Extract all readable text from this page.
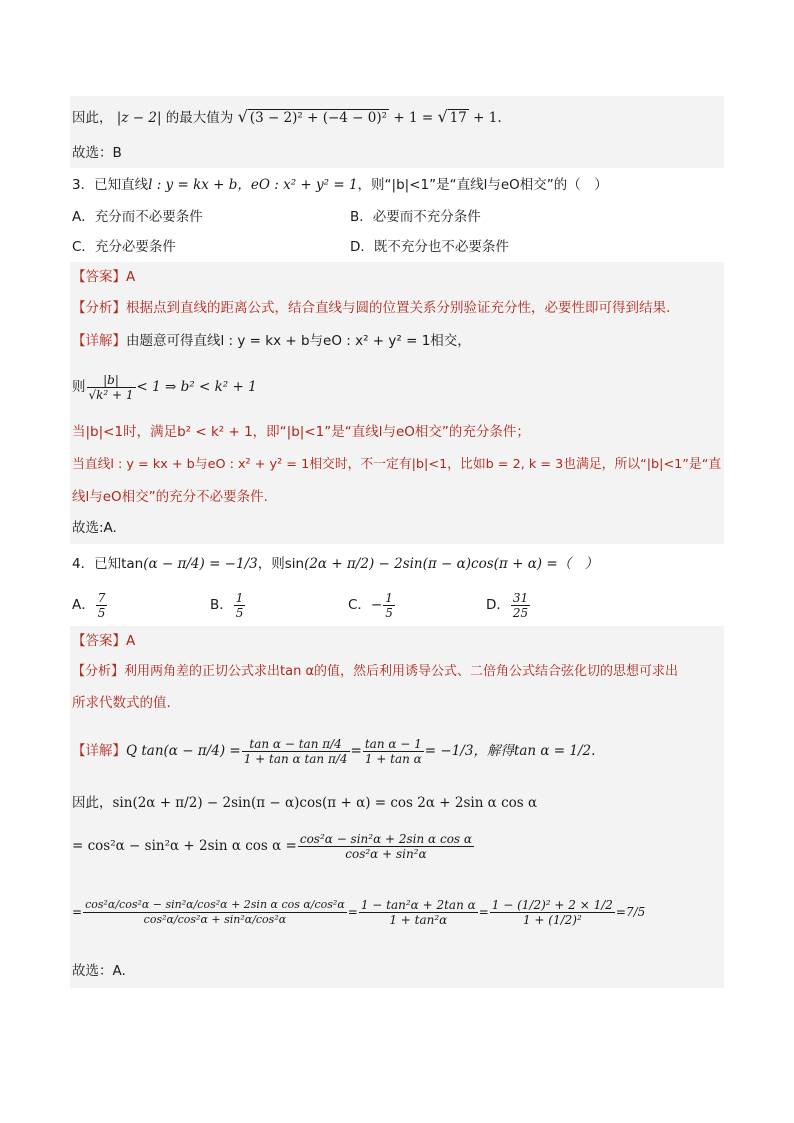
因此， |z − 2| 的最大值为 √ (3 − 2)² + (−4 − 0)² + 1 = √ 17 + 1.
故选：B
3．已知直线l : y = kx + b，eO : x² + y² = 1，则“|b|<1”是“直线l与eO相交”的（　）
A．充分而不必要条件	B．必要而不充分条件
C．充分必要条件	D．既不充分也不必要条件
【答案】A
【分析】根据点到直线的距离公式，结合直线与圆的位置关系分别验证充分性，必要性即可得到结果.
【详解】由题意可得直线l : y = kx + b与eO : x² + y² = 1相交，
则 $\frac{|b|}{\text{√k² + 1}} < 1$ ⇒ b² < k² + 1
当|b|<1时，满足b² < k² + 1，即“|b|<1”是“直线l与eO相交”的充分条件；
当直线l : y = kx + b与eO : x² + y² = 1相交时，不一定有|b|<1，比如b = 2, k = 3也满足，所以“|b|<1”是“直
线l与eO相交”的充分不必要条件.
故选:A.
4．已知tan(α − π/4) = −1/3，则sin(2α + π/2) − 2sin(π − α)cos(π + α) =（　）
A． $\frac{7}{5}$	B． $\frac{1}{5}$	C．− $\frac{1}{5}$	D． $\frac{31}{25}$
【答案】A
【分析】利用两角差的正切公式求出tan α的值，然后利用诱导公式、二倍角公式结合弦化切的思想可求出
所求代数式的值.
【详解】Q $\tan(\alpha - \pi/4) = \frac{\text{tan α − tan π/4}}{\text{1 + tan α tan π/4}} = \frac{\text{tan α − 1}}{\text{1 + tan α}} = -1/3$，解得tan α = 1/2.
因此，sin(2α + π/2) − 2sin(π − α)cos(π + α) = cos 2α + 2sin α cos α
= cos²α − sin²α + 2sin α $\cos \alpha = \frac{\text{cos²α − sin²α + 2sin α cos α}}{\text{cos²α + sin²α}}$
= $\frac{\text{cos²α/cos²α − sin²α/cos²α + 2sin α cos α/cos²α}}{\text{cos²α/cos²α + sin²α/cos²α}} = \frac{\text{1 − tan²α + 2tan α}}{\text{1 + tan²α}} = \frac{\text{1 − (1/2)² + 2 × 1/2}}{\text{1 + (1/2)²}} =7/5$
故选：A.
